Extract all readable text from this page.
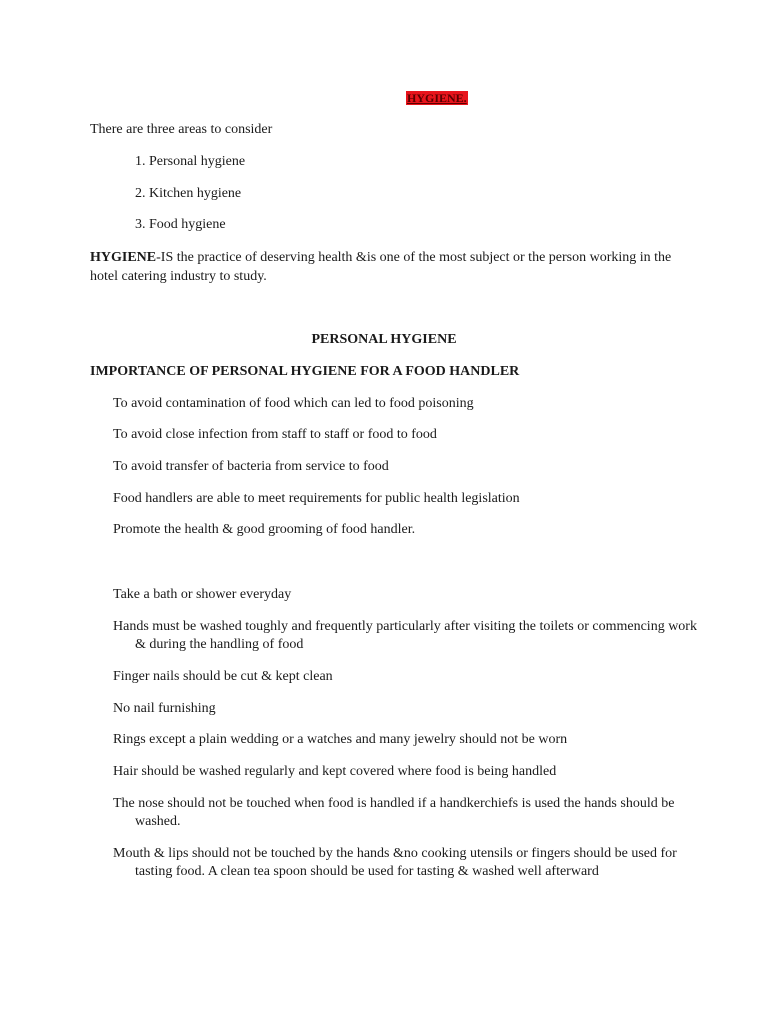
HYGIENE.
There are three areas to consider
1. Personal hygiene
2. Kitchen hygiene
3. Food hygiene
HYGIENE-IS the practice of deserving health &is one of the most subject or the person working in the hotel catering industry to study.
PERSONAL HYGIENE
IMPORTANCE OF PERSONAL HYGIENE FOR A FOOD HANDLER
To avoid contamination of food which can led to food poisoning
To avoid close infection from staff to staff or food to food
To avoid transfer of bacteria from service to food
Food handlers are able to meet requirements for public health legislation
Promote the health & good grooming of food handler.
Take a bath or shower everyday
Hands must be washed toughly and frequently particularly after visiting the toilets or commencing work & during the handling of food
Finger nails should be cut & kept clean
No nail furnishing
Rings except a plain wedding or a watches and many jewelry should not be worn
Hair should be washed regularly and kept covered where food is being handled
The nose should not be touched when food is handled if a handkerchiefs is used the hands should be washed.
Mouth & lips should not be touched by the hands &no cooking utensils or fingers should be used for tasting food. A clean tea spoon should be used for tasting & washed well afterward
